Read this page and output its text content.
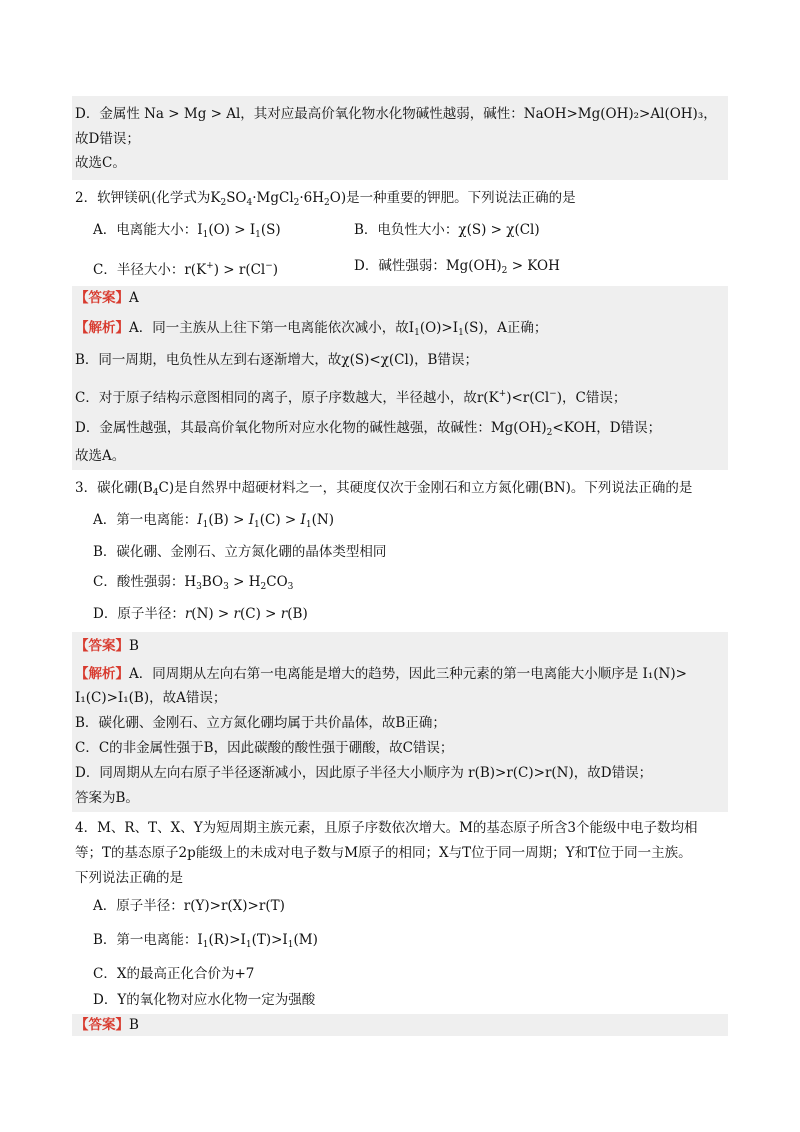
D．金属性 Na > Mg > Al，其对应最高价氧化物水化物碱性越弱，碱性：NaOH>Mg(OH)₂>Al(OH)₃，
故D错误；
故选C。
2．软钾镁矾(化学式为$K_2SO_4\cdot MgCl_2\cdot 6H_2O$)是一种重要的钾肥。下列说法正确的是
A．电离能大小：$I_1(O) > I_1(S)$	B．电负性大小：χ(S) > χ(Cl)
C．半径大小：r(K+) > r(Cl−)	D．碱性强弱：$Mg(OH)_2$ > KOH
【答案】A
【解析】A．同一主族从上往下第一电离能依次减小，故$I_1(O)>I_1(S)$，A正确；
B．同一周期，电负性从左到右逐渐增大，故χ(S)<χ(Cl)，B错误；
C．对于原子结构示意图相同的离子，原子序数越大，半径越小，故r(K+)<r(Cl−)，C错误；
D．金属性越强，其最高价氧化物所对应水化物的碱性越强，故碱性：$Mg(OH)_2<KOH$，D错误；
故选A。
3．碳化硼$(B_4C)$是自然界中超硬材料之一，其硬度仅次于金刚石和立方氮化硼(BN)。下列说法正确的是
A．第一电离能：$I_1(B) > I_1(C) > I_1(N)$
B．碳化硼、金刚石、立方氮化硼的晶体类型相同
C．酸性强弱：$H_3BO_3 > H_2CO_3$
D．原子半径：r(N) > r(C) > r(B)
【答案】B
【解析】A．同周期从左向右第一电离能是增大的趋势，因此三种元素的第一电离能大小顺序是 I₁(N)>
I₁(C)>I₁(B)，故A错误；
B．碳化硼、金刚石、立方氮化硼均属于共价晶体，故B正确；
C．C的非金属性强于B，因此碳酸的酸性强于硼酸，故C错误；
D．同周期从左向右原子半径逐渐减小，因此原子半径大小顺序为 r(B)>r(C)>r(N)，故D错误；
答案为B。
4．M、R、T、X、Y为短周期主族元素，且原子序数依次增大。M的基态原子所含3个能级中电子数均相
等；T的基态原子2p能级上的未成对电子数与M原子的相同；X与T位于同一周期；Y和T位于同一主族。
下列说法正确的是
A．原子半径：r(Y)>r(X)>r(T)
B．第一电离能：$I_1(R)>I_1(T)>I_1(M)$
C．X的最高正化合价为+7
D．Y的氧化物对应水化物一定为强酸
【答案】B
